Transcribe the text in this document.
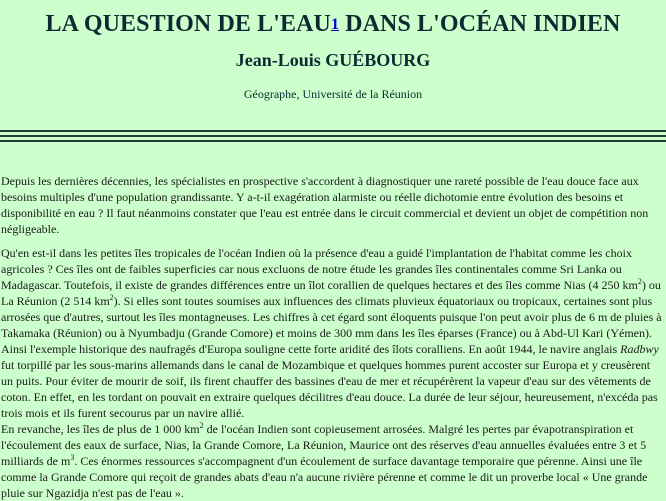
LA QUESTION DE L'EAU$^1$ DANS L'OCÉAN INDIEN
Jean-Louis GUÉBOURG

Géographe, Université de la Réunion

Depuis les dernières décennies, les spécialistes en prospective s'accordent à diagnostiquer une rareté possible de l'eau douce face aux besoins multiples d'une population grandissante. Y a-t-il exagération alarmiste ou réelle dichotomie entre évolution des besoins et disponibilité en eau ? Il faut néanmoins constater que l'eau est entrée dans le circuit commercial et devient un objet de compétition non négligeable.

Qu'en est-il dans les petites îles tropicales de l'océan Indien où la présence d'eau a guidé l'implantation de l'habitat comme les choix agricoles ? Ces îles ont de faibles superficies car nous excluons de notre étude les grandes îles continentales comme Sri Lanka ou Madagascar. Toutefois, il existe de grandes différences entre un îlot corallien de quelques hectares et des îles comme Nias (4 250 $km^2$) ou La Réunion (2 514 $km^2$). Si elles sont toutes soumises aux influences des climats pluvieux équatoriaux ou tropicaux, certaines sont plus arrosées que d'autres, surtout les îles montagneuses. Les chiffres à cet égard sont éloquents puisque l'on peut avoir plus de 6 m de pluies à Takamaka (Réunion) ou à Nyumbadju (Grande Comore) et moins de 300 mm dans les îles éparses (France) ou à Abd-Ul Kari (Yémen). Ainsi l'exemple historique des naufragés d'Europa souligne cette forte aridité des îlots coralliens. En août 1944, le navire anglais Radbwy fut torpillé par les sous-marins allemands dans le canal de Mozambique et quelques hommes purent accoster sur Europa et y creusèrent un puits. Pour éviter de mourir de soif, ils firent chauffer des bassines d'eau de mer et récupérèrent la vapeur d'eau sur des vêtements de coton. En effet, en les tordant on pouvait en extraire quelques décilitres d'eau douce. La durée de leur séjour, heureusement, n'excéda pas trois mois et ils furent secourus par un navire allié.

En revanche, les îles de plus de 1 000 $km^2$ de l'océan Indien sont copieusement arrosées. Malgré les pertes par évapotranspiration et l'écoulement des eaux de surface, Nias, la Grande Comore, La Réunion, Maurice ont des réserves d'eau annuelles évaluées entre 3 et 5 milliards de $m^3$. Ces énormes ressources s'accompagnent d'un écoulement de surface davantage temporaire que pérenne. Ainsi une île comme la Grande Comore qui reçoit de grandes abats d'eau n'a aucune rivière pérenne et comme le dit un proverbe local « Une grande pluie sur Ngazidja n'est pas de l'eau ».
